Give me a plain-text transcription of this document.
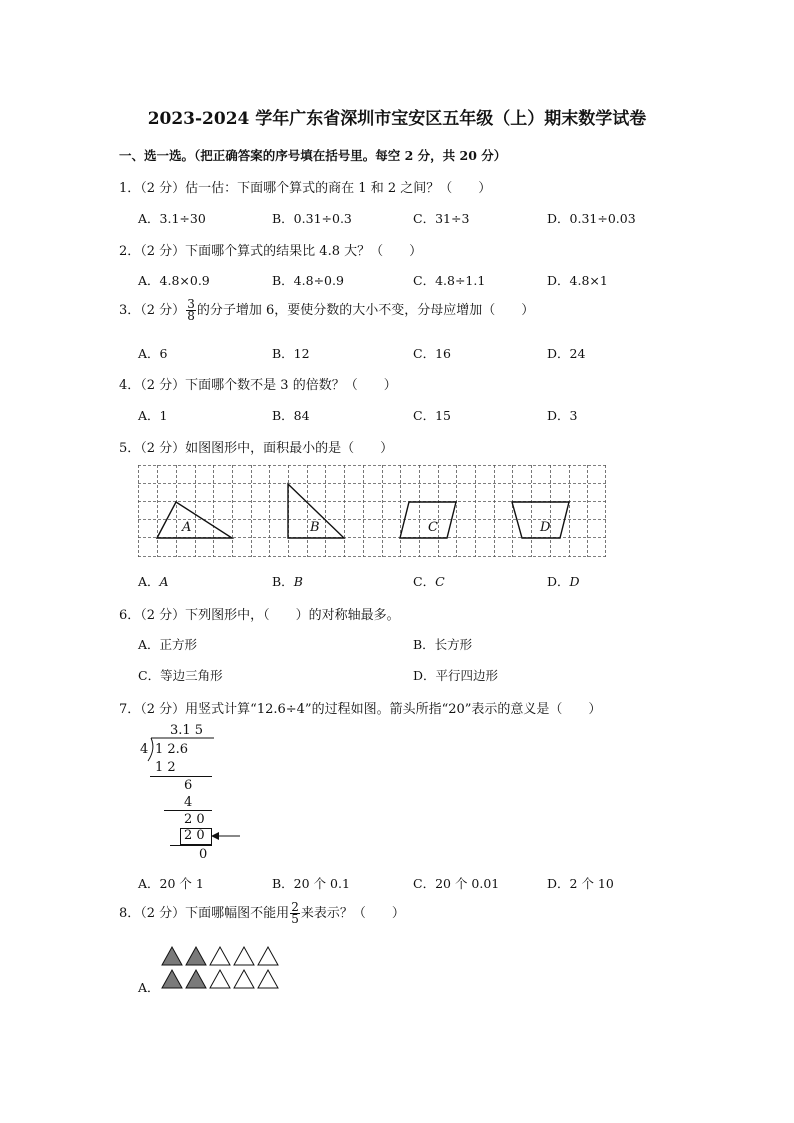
2023-2024 学年广东省深圳市宝安区五年级（上）期末数学试卷
一、选一选。（把正确答案的序号填在括号里。每空 2 分，共 20 分）
1．（2 分）估一估：下面哪个算式的商在 1 和 2 之间？（　　）
A．3.1÷30	B．0.31÷0.3	C．31÷3	D．0.31÷0.03
2．（2 分）下面哪个算式的结果比 4.8 大？（　　）
A．4.8×0.9	B．4.8÷0.9	C．4.8÷1.1	D．4.8×1
3．（2 分） $\frac{3}{8}$ 的分子增加 6，要使分数的大小不变，分母应增加（　　）
A．6	B．12	C．16	D．24
4．（2 分）下面哪个数不是 3 的倍数？（　　）
A．1	B．84	C．15	D．3
5．（2 分）如图图形中，面积最小的是（　　）
A	B	C	D
A．A	B．B	C．C	D．D
6．（2 分）下列图形中，（　　）的对称轴最多。
A．正方形	B．长方形
C．等边三角形	D．平行四边形
7．（2 分）用竖式计算“12.6÷4”的过程如图。箭头所指“20”表示的意义是（　　）
3.1 5
4 1 2.6
1 2
6
4
2 0
2 0
0
A．20 个 1	B．20 个 0.1	C．20 个 0.01	D．2 个 10
8．（2 分）下面哪幅图不能用 $\frac{2}{5}$ 来表示？（　　）
A．
